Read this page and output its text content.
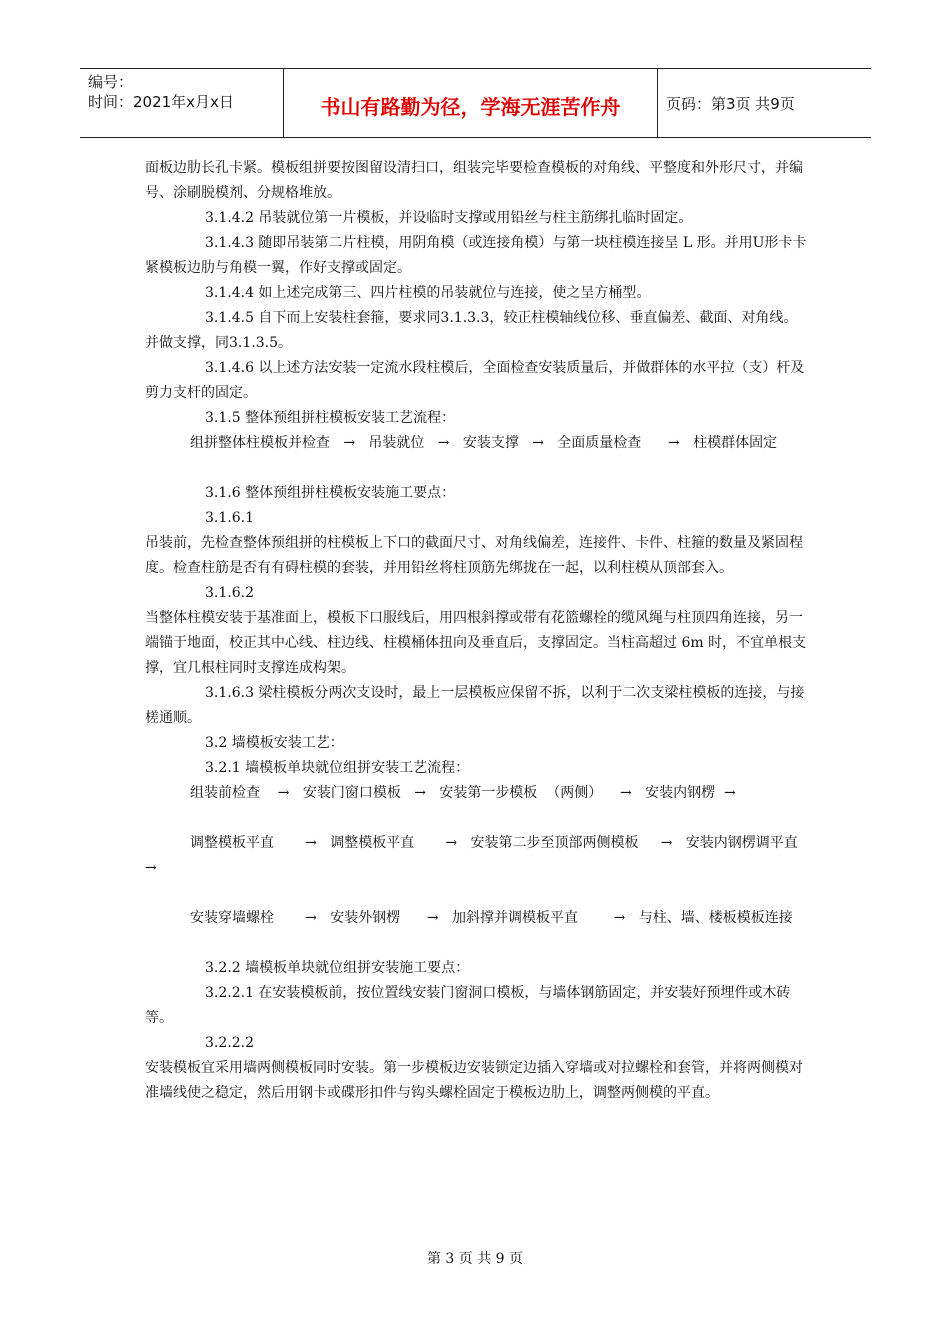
编号：
时间：2021年x月x日	书山有路勤为径，学海无涯苦作舟	页码：第3页 共9页

面板边肋长孔卡紧。模板组拼要按图留设清扫口，组装完毕要检查模板的对角线、平整度和外形尺寸，并编号、涂刷脱模剂、分规格堆放。

3.1.4.2 吊装就位第一片模板，并设临时支撑或用铅丝与柱主筋绑扎临时固定。

3.1.4.3 随即吊装第二片柱模，用阴角模（或连接角模）与第一块柱模连接呈 L 形。并用U形卡卡紧模板边肋与角模一翼，作好支撑或固定。

3.1.4.4 如上述完成第三、四片柱模的吊装就位与连接，使之呈方桶型。

3.1.4.5 自下而上安装柱套箍，要求同3.1.3.3，较正柱模轴线位移、垂直偏差、截面、对角线。并做支撑，同3.1.3.5。

3.1.4.6 以上述方法安装一定流水段柱模后，全面检查安装质量后，并做群体的水平拉（支）杆及剪力支杆的固定。

3.1.5 整体预组拼柱模板安装工艺流程：

组拼整体柱模板并检查   →   吊装就位   →   安装支撑   →   全面质量检查      →   柱模群体固定

3.1.6 整体预组拼柱模板安装施工要点：

3.1.6.1

吊装前，先检查整体预组拼的柱模板上下口的截面尺寸、对角线偏差，连接件、卡件、柱箍的数量及紧固程度。检查柱筋是否有有碍柱模的套装，并用铅丝将柱顶筋先绑拢在一起，以利柱模从顶部套入。

3.1.6.2

当整体柱模安装于基准面上，模板下口服线后，用四根斜撑或带有花篮螺栓的缆风绳与柱顶四角连接，另一端锚于地面，校正其中心线、柱边线、柱模桶体扭向及垂直后，支撑固定。当柱高超过 6m 时，不宜单根支撑，宜几根柱同时支撑连成构架。

3.1.6.3 梁柱模板分两次支设时，最上一层模板应保留不拆，以利于二次支梁柱模板的连接，与接槎通顺。

3.2 墙模板安装工艺：

3.2.1 墙模板单块就位组拼安装工艺流程：

组装前检查    →   安装门窗口模板   →   安装第一步模板  （两侧）    →   安装内钢楞  →

调整模板平直       →   调整模板平直       →   安装第二步至顶部两侧模板     →   安装内钢楞调平直     →

安装穿墙螺栓       →   安装外钢楞      →   加斜撑并调模板平直        →   与柱、墙、楼板模板连接

3.2.2 墙模板单块就位组拼安装施工要点：

3.2.2.1 在安装模板前，按位置线安装门窗洞口模板，与墙体钢筋固定，并安装好预埋件或木砖等。

3.2.2.2

安装模板宜采用墙两侧模板同时安装。第一步模板边安装锁定边插入穿墙或对拉螺栓和套管，并将两侧模对准墙线使之稳定，然后用钢卡或碟形扣件与钩头螺栓固定于模板边肋上，调整两侧模的平直。

第 3 页 共 9 页
